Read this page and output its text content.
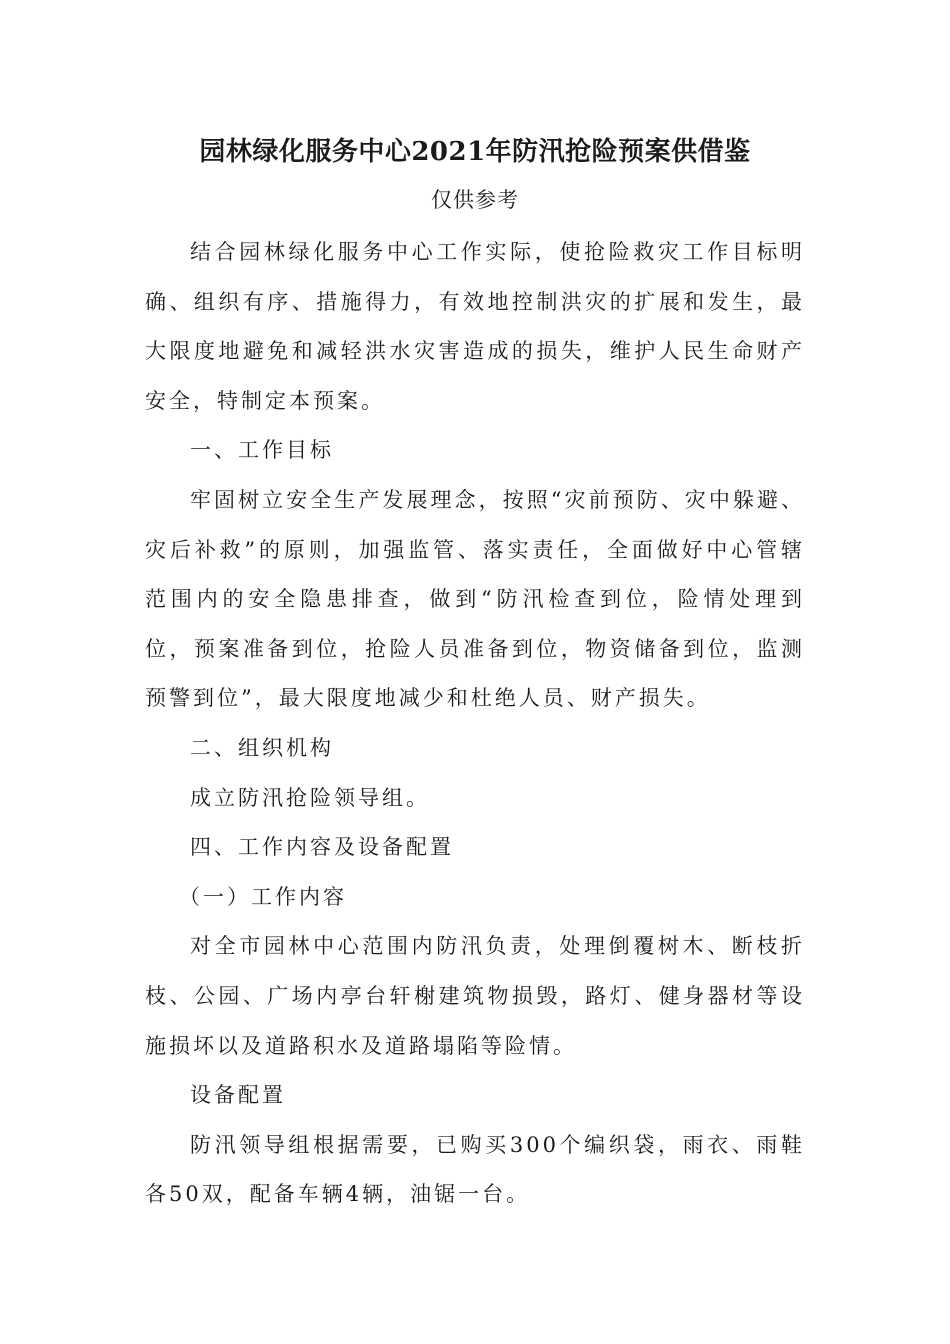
园林绿化服务中心2021年防汛抢险预案供借鉴
仅供参考

结合园林绿化服务中心工作实际，使抢险救灾工作目标明确、组织有序、措施得力，有效地控制洪灾的扩展和发生，最大限度地避免和减轻洪水灾害造成的损失，维护人民生命财产安全，特制定本预案。

一、工作目标

牢固树立安全生产发展理念，按照“灾前预防、灾中躲避、灾后补救”的原则，加强监管、落实责任，全面做好中心管辖范围内的安全隐患排查，做到“防汛检查到位，险情处理到位，预案准备到位，抢险人员准备到位，物资储备到位，监测预警到位”，最大限度地减少和杜绝人员、财产损失。

二、组织机构

成立防汛抢险领导组。

四、工作内容及设备配置

（一）工作内容

对全市园林中心范围内防汛负责，处理倒覆树木、断枝折枝、公园、广场内亭台轩榭建筑物损毁，路灯、健身器材等设施损坏以及道路积水及道路塌陷等险情。

设备配置

防汛领导组根据需要，已购买300个编织袋，雨衣、雨鞋各50双，配备车辆4辆，油锯一台。
